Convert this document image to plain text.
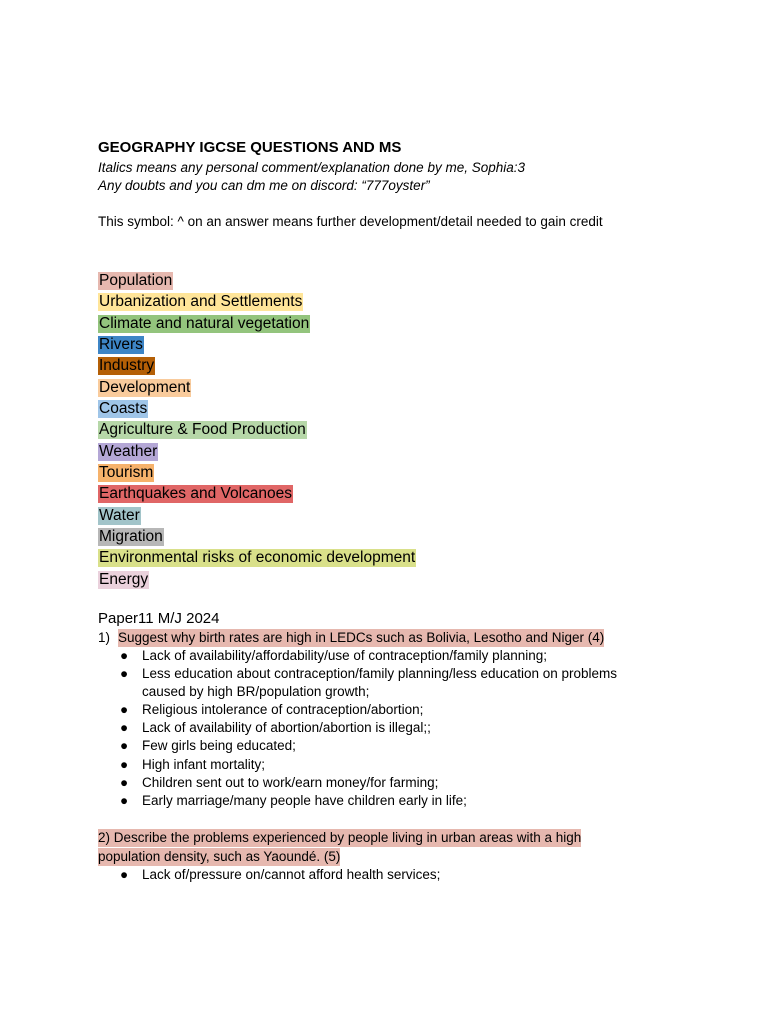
GEOGRAPHY IGCSE QUESTIONS AND MS
Italics means any personal comment/explanation done by me, Sophia:3
Any doubts and you can dm me on discord: “777oyster”
This symbol: ^ on an answer means further development/detail needed to gain credit
Population
Urbanization and Settlements
Climate and natural vegetation
Rivers
Industry
Development
Coasts
Agriculture & Food Production
Weather
Tourism
Earthquakes and Volcanoes
Water
Migration
Environmental risks of economic development
Energy
Paper11 M/J 2024
1) Suggest why birth rates are high in LEDCs such as Bolivia, Lesotho and Niger (4)
● Lack of availability/affordability/use of contraception/family planning;
● Less education about contraception/family planning/less education on problems
caused by high BR/population growth;
● Religious intolerance of contraception/abortion;
● Lack of availability of abortion/abortion is illegal;;
● Few girls being educated;
● High infant mortality;
● Children sent out to work/earn money/for farming;
● Early marriage/many people have children early in life;
2) Describe the problems experienced by people living in urban areas with a high
population density, such as Yaoundé. (5)
● Lack of/pressure on/cannot afford health services;
